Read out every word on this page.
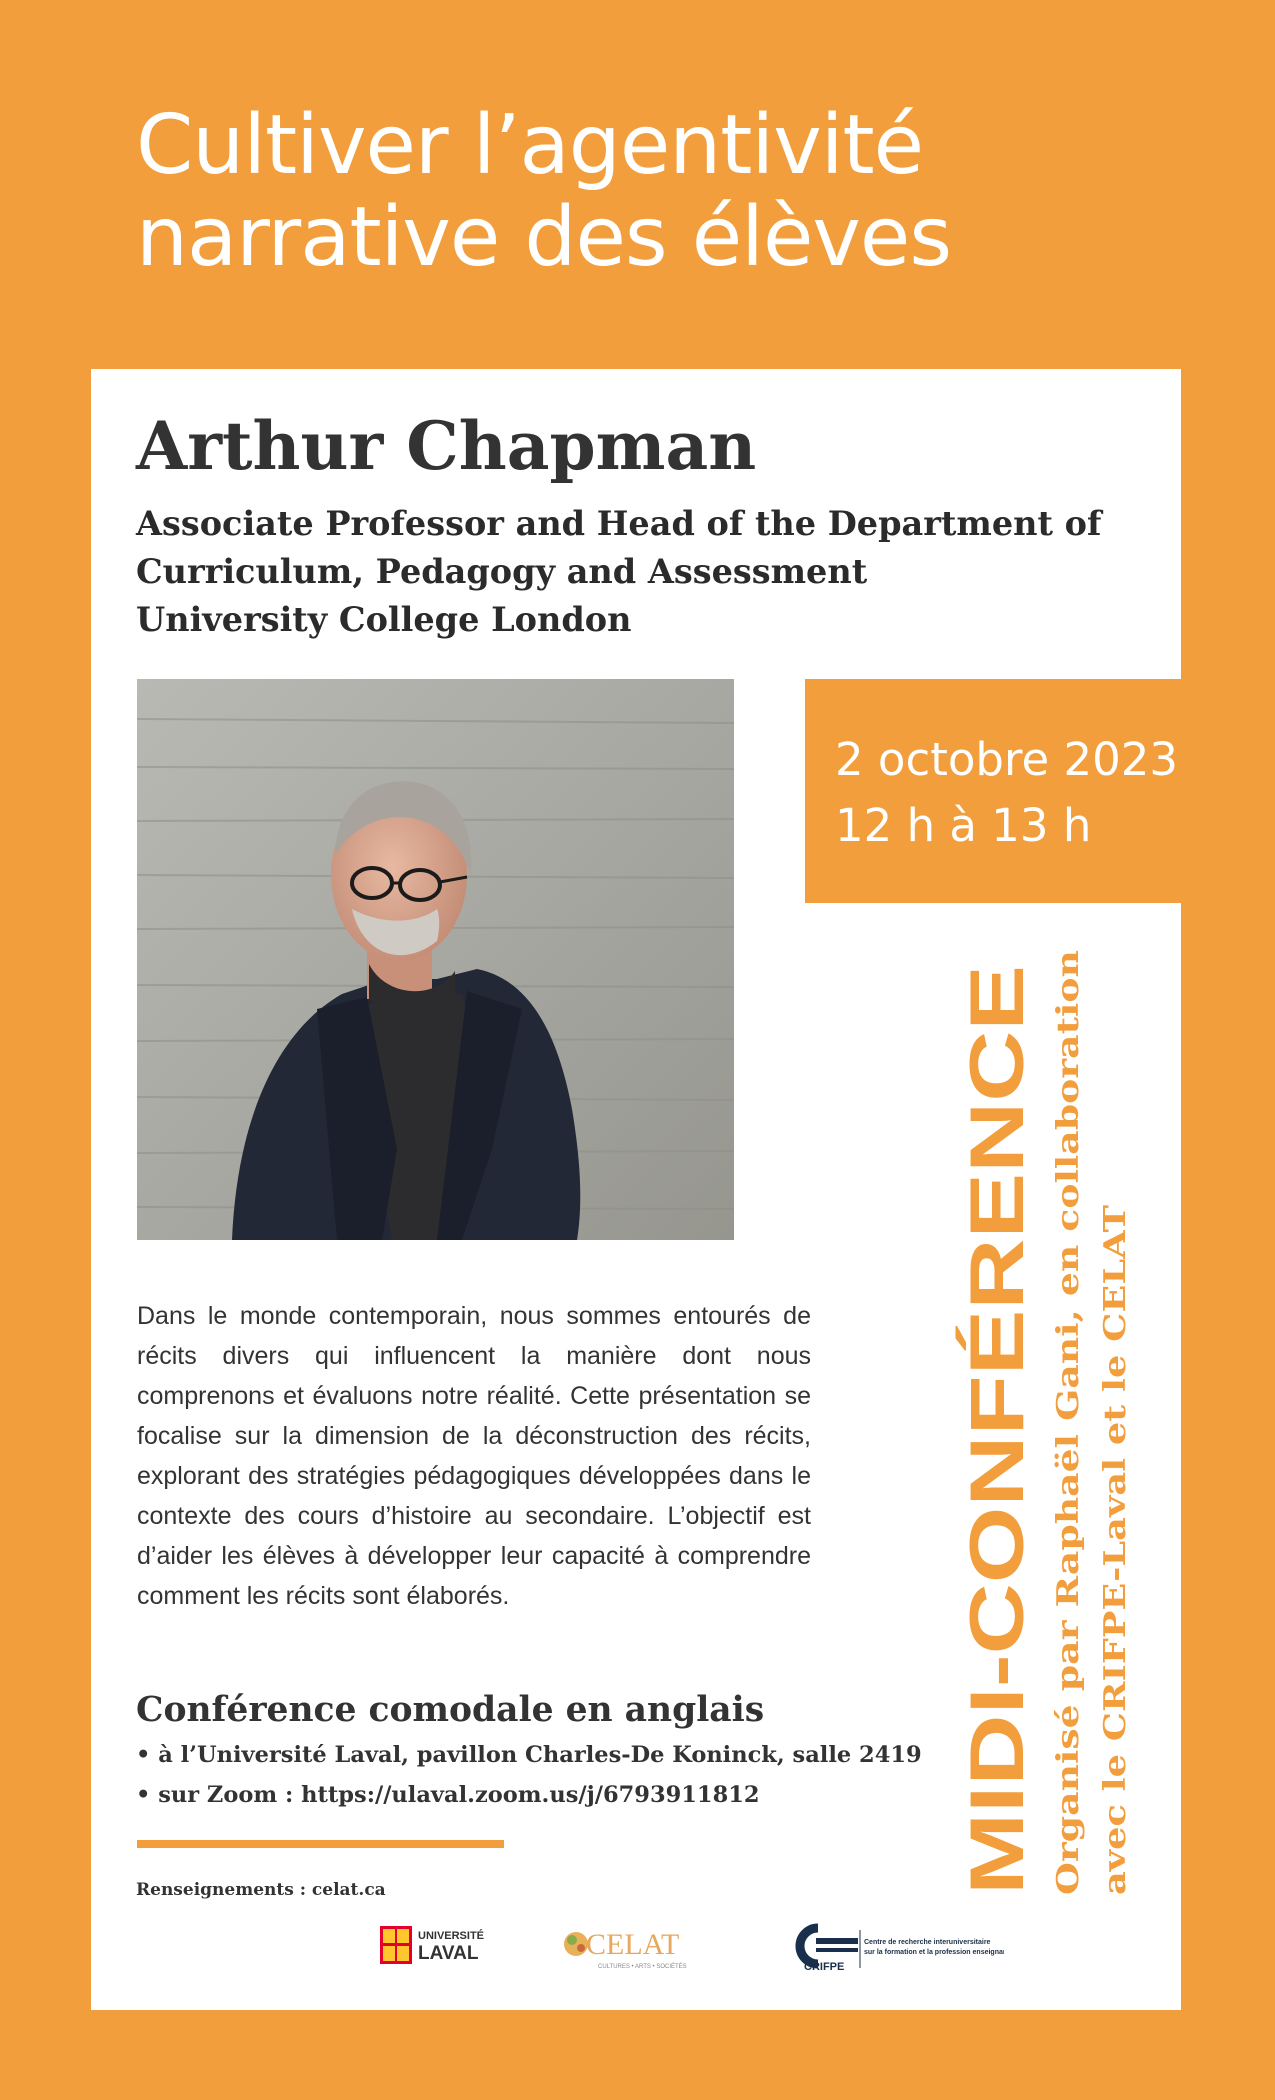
Cultiver l’agentivité
narrative des élèves
Arthur Chapman
Associate Professor and Head of the Department of
Curriculum, Pedagogy and Assessment
University College London
2 octobre 2023
12 h à 13 h
MIDI-CONFÉRENCE Organisé par Raphaël Gani, en collaboration avec le CRIFPE-Laval et le CELAT

Dans le monde contemporain, nous sommes entourés de récits divers qui influencent la manière dont nous comprenons et évaluons notre réalité. Cette présentation se focalise sur la dimension de la déconstruction des récits, explorant des stratégies pédagogiques développées dans le contexte des cours d’histoire au secondaire. L’objectif est d’aider les élèves à développer leur capacité à comprendre comment les récits sont élaborés.

Conférence comodale en anglais
• à l’Université Laval, pavillon Charles-De Koninck, salle 2419
• sur Zoom : https://ulaval.zoom.us/j/6793911812
Renseignements : celat.ca
UNIVERSITÉ
LAVAL	CELAT
CULTURES • ARTS • SOCIÉTÉS	CRIFPE
Centre de recherche interuniversitaire
sur la formation et la profession enseignante
